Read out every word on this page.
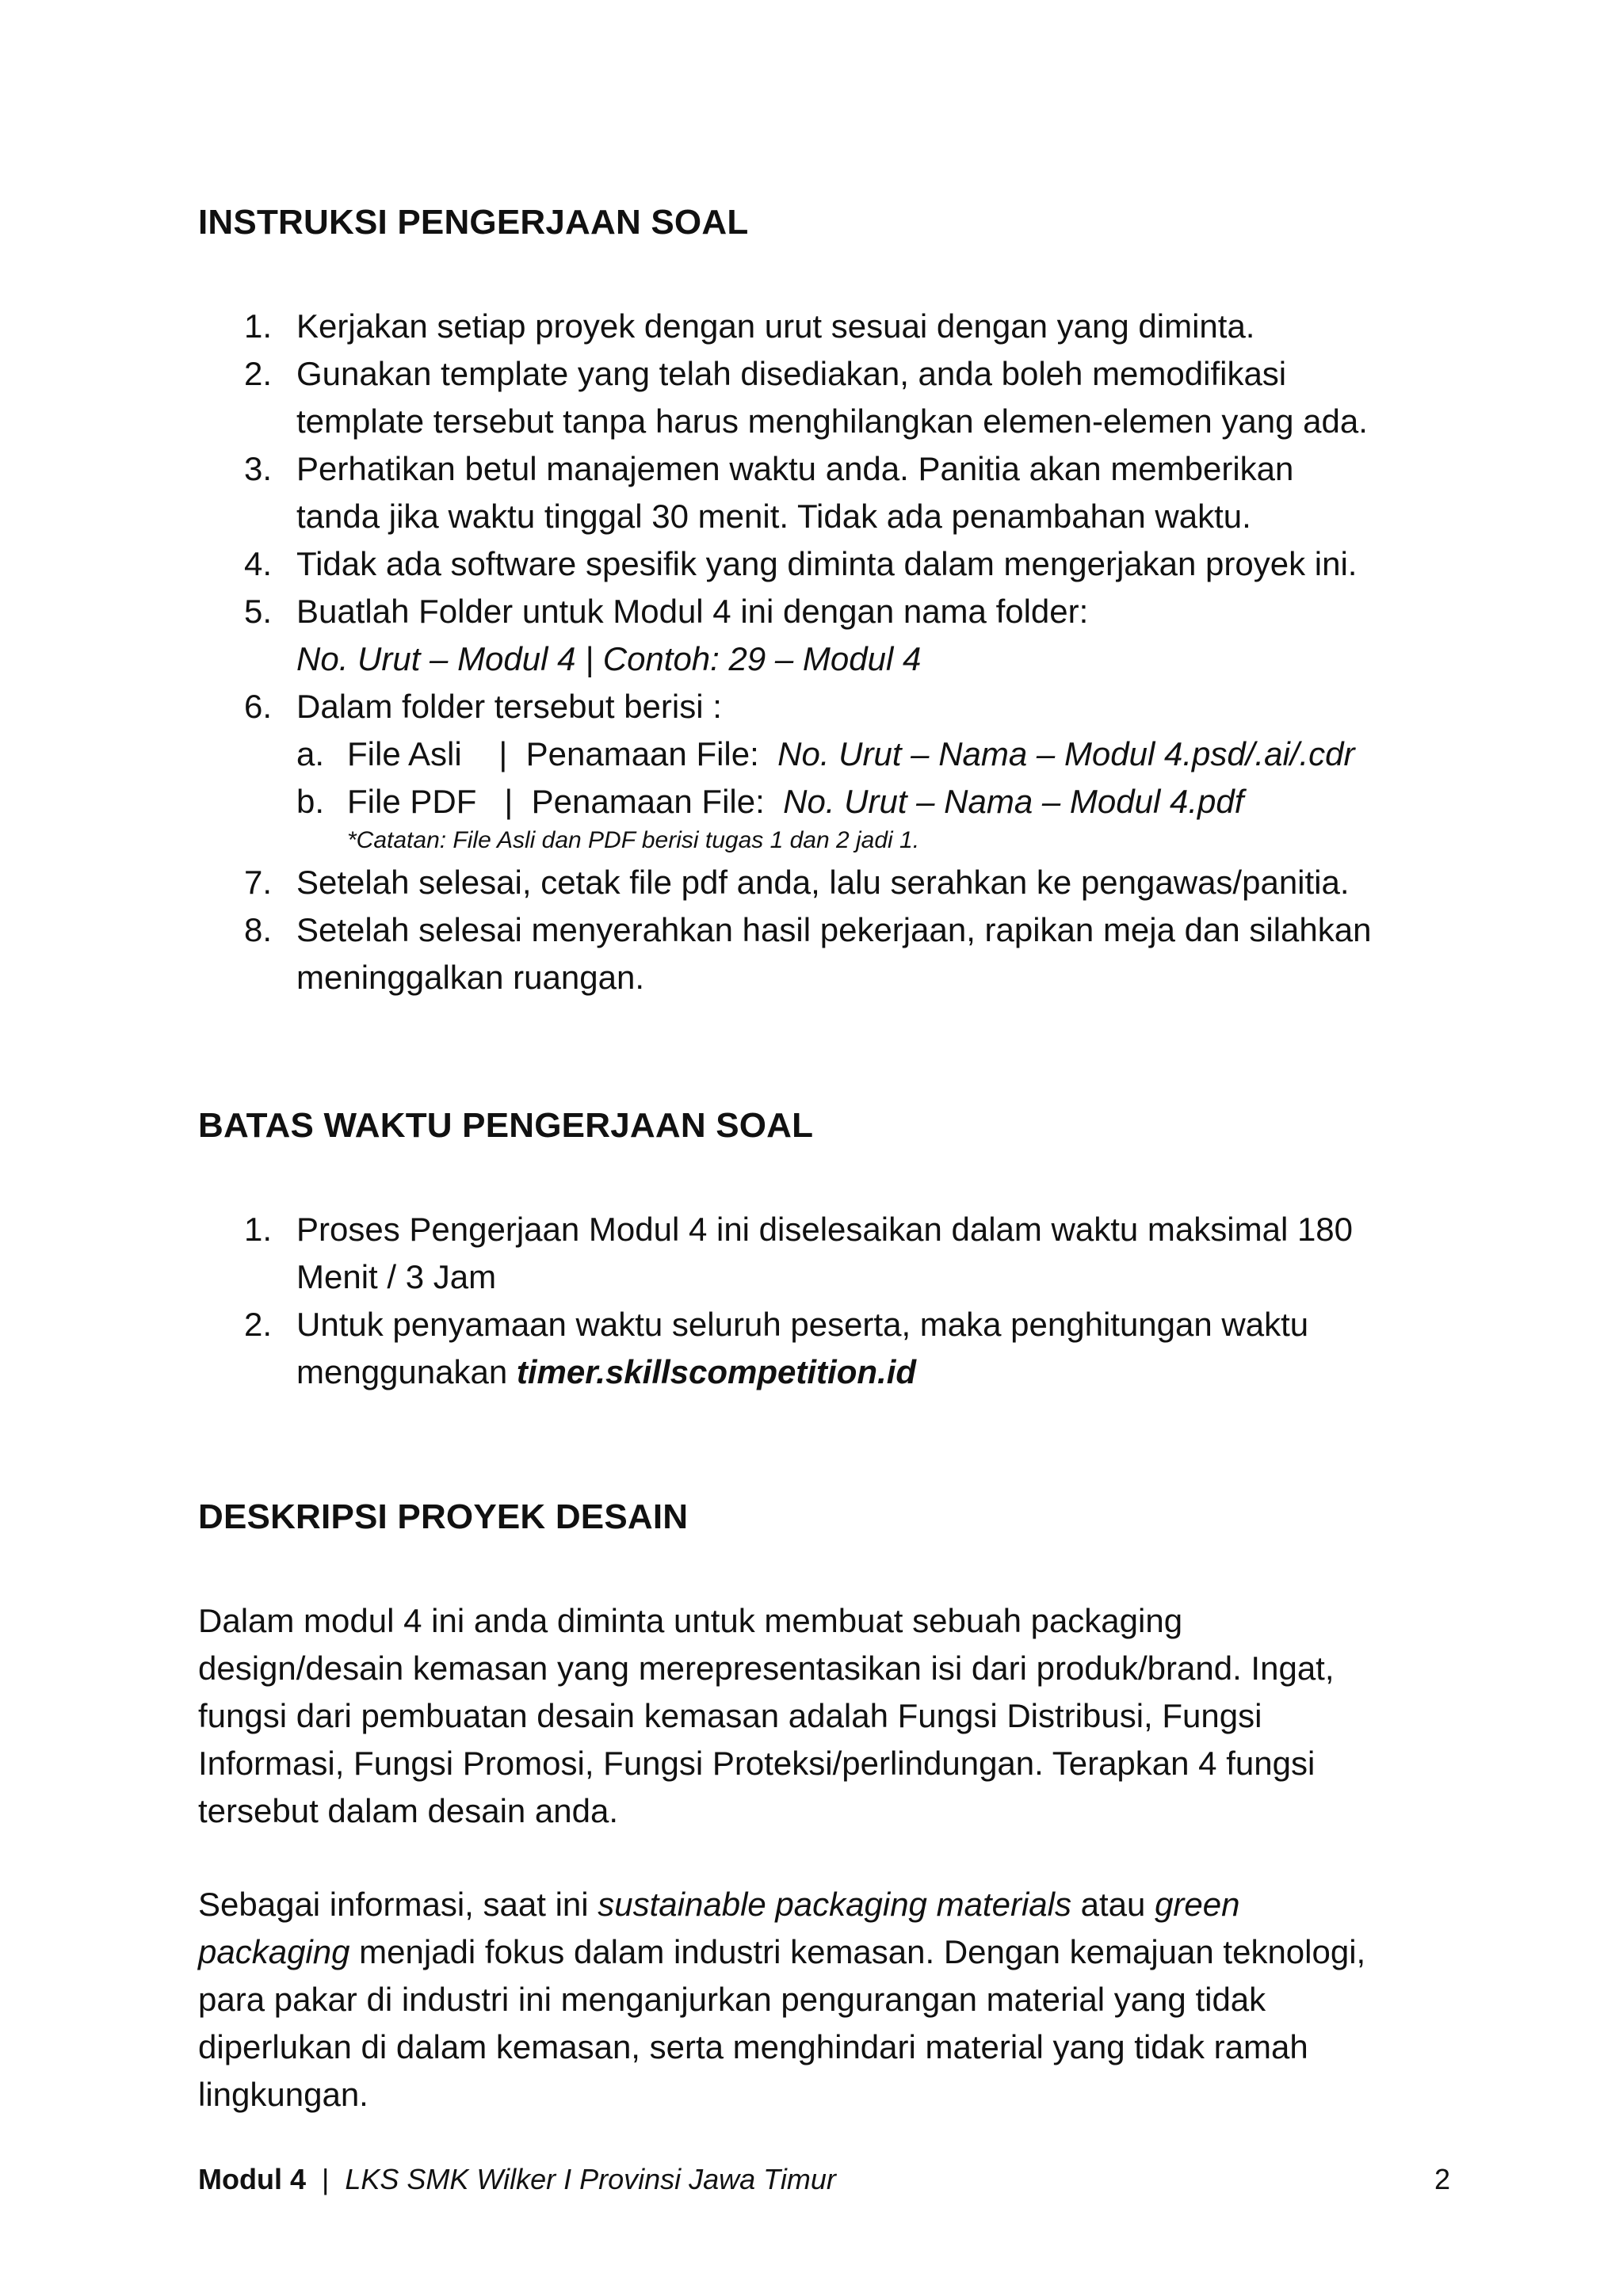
INSTRUKSI PENGERJAAN SOAL
1. Kerjakan setiap proyek dengan urut sesuai dengan yang diminta.
2. Gunakan template yang telah disediakan, anda boleh memodifikasi
template tersebut tanpa harus menghilangkan elemen-elemen yang ada.
3. Perhatikan betul manajemen waktu anda. Panitia akan memberikan
tanda jika waktu tinggal 30 menit. Tidak ada penambahan waktu.
4. Tidak ada software spesifik yang diminta dalam mengerjakan proyek ini.
5. Buatlah Folder untuk Modul 4 ini dengan nama folder:
No. Urut – Modul 4 | Contoh: 29 – Modul 4
6. Dalam folder tersebut berisi :
a. File Asli    |  Penamaan File:  No. Urut – Nama – Modul 4.psd/.ai/.cdr
b. File PDF   |  Penamaan File:  No. Urut – Nama – Modul 4.pdf
*Catatan: File Asli dan PDF berisi tugas 1 dan 2 jadi 1.
7. Setelah selesai, cetak file pdf anda, lalu serahkan ke pengawas/panitia.
8. Setelah selesai menyerahkan hasil pekerjaan, rapikan meja dan silahkan
meninggalkan ruangan.
BATAS WAKTU PENGERJAAN SOAL
1. Proses Pengerjaan Modul 4 ini diselesaikan dalam waktu maksimal 180
Menit / 3 Jam
2. Untuk penyamaan waktu seluruh peserta, maka penghitungan waktu
menggunakan timer.skillscompetition.id
DESKRIPSI PROYEK DESAIN
Dalam modul 4 ini anda diminta untuk membuat sebuah packaging
design/desain kemasan yang merepresentasikan isi dari produk/brand. Ingat,
fungsi dari pembuatan desain kemasan adalah Fungsi Distribusi, Fungsi
Informasi, Fungsi Promosi, Fungsi Proteksi/perlindungan. Terapkan 4 fungsi
tersebut dalam desain anda.
Sebagai informasi, saat ini sustainable packaging materials atau green
packaging menjadi fokus dalam industri kemasan. Dengan kemajuan teknologi,
para pakar di industri ini menganjurkan pengurangan material yang tidak
diperlukan di dalam kemasan, serta menghindari material yang tidak ramah
lingkungan.
Modul 4  |  LKS SMK Wilker I Provinsi Jawa Timur	2
